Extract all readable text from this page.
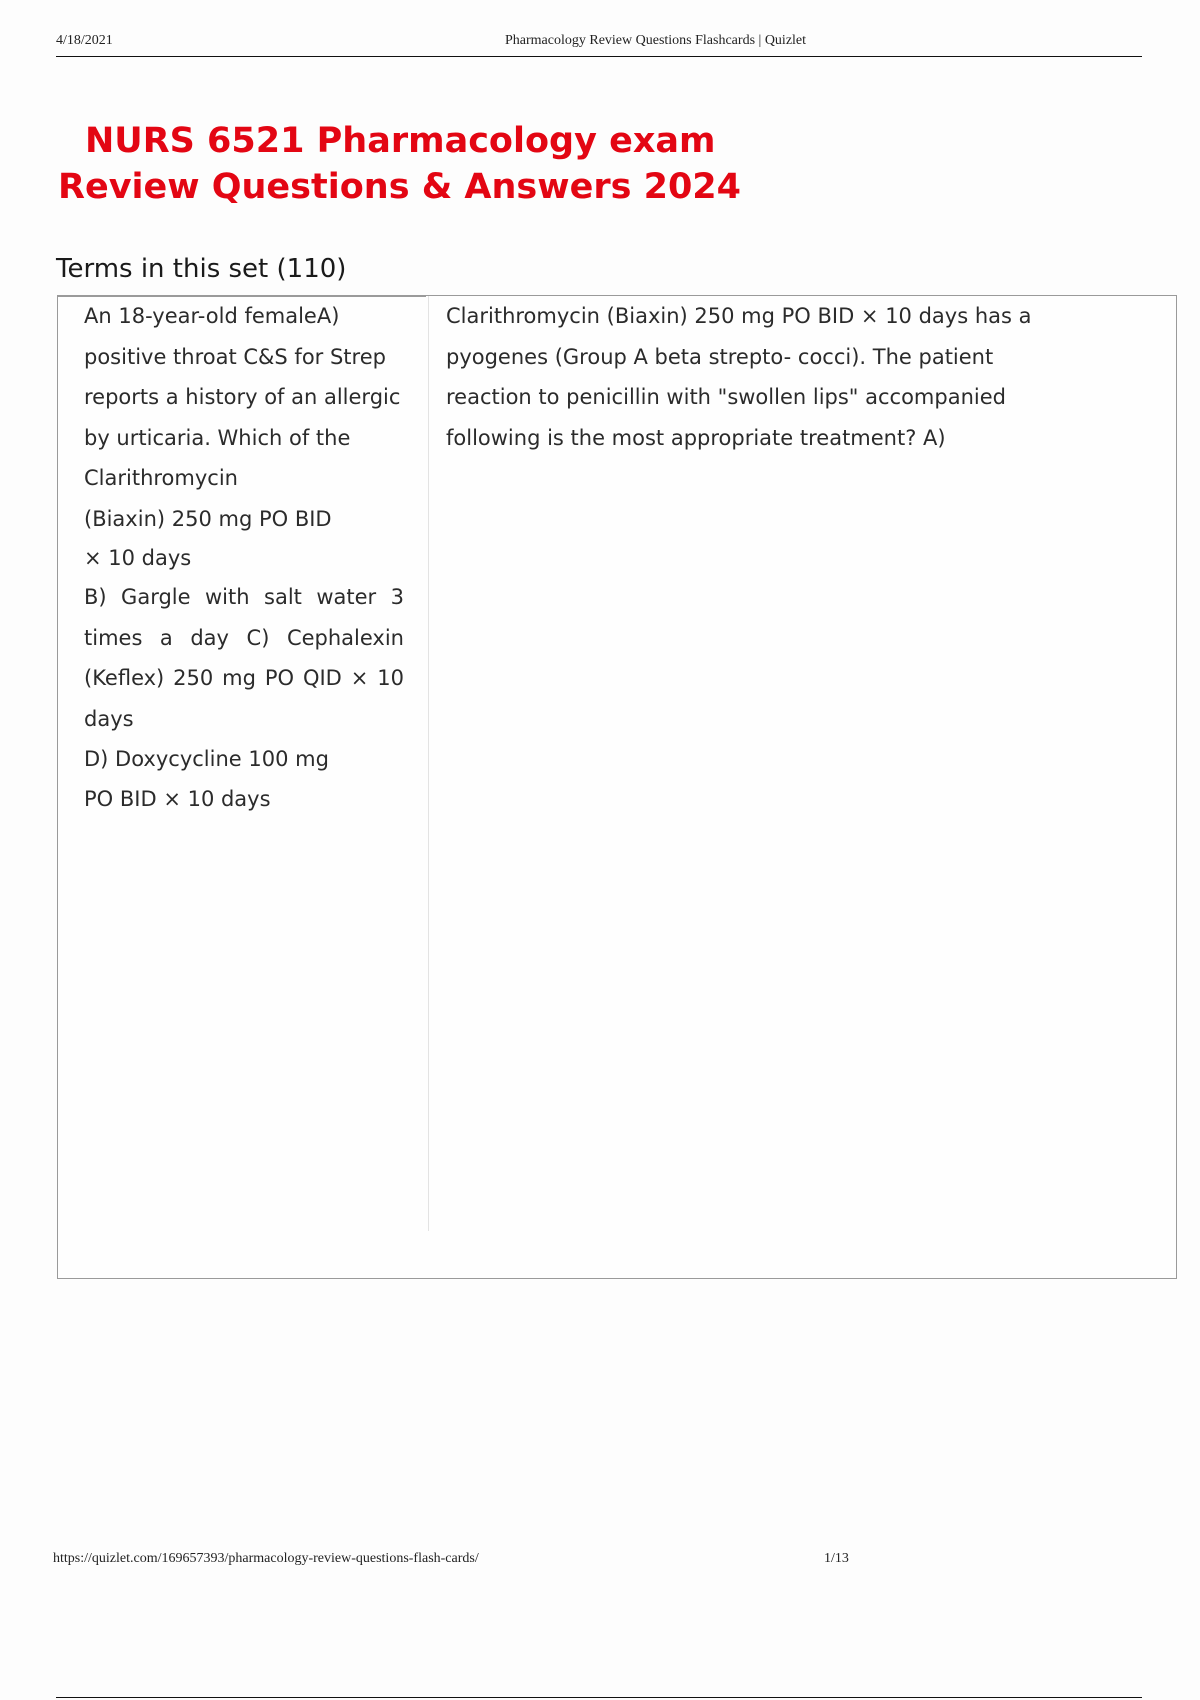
4/18/2021	Pharmacology Review Questions Flashcards | Quizlet
NURS 6521 Pharmacology exam
Review Questions & Answers 2024
Terms in this set (110)

An 18-year-old femaleA)

positive throat C&S for Strep

reports a history of an allergic

by urticaria. Which of the

Clarithromycin

(Biaxin) 250 mg PO BID

× 10 days

B) Gargle with salt water 3

times a day C) Cephalexin

(Keflex) 250 mg PO QID × 10

days

D) Doxycycline 100 mg

PO BID × 10 days

Clarithromycin (Biaxin) 250 mg PO BID × 10 days has a

pyogenes (Group A beta strepto- cocci). The patient

reaction to penicillin with "swollen lips" accompanied

following is the most appropriate treatment? A)

https://quizlet.com/169657393/pharmacology-review-questions-flash-cards/	1/13
